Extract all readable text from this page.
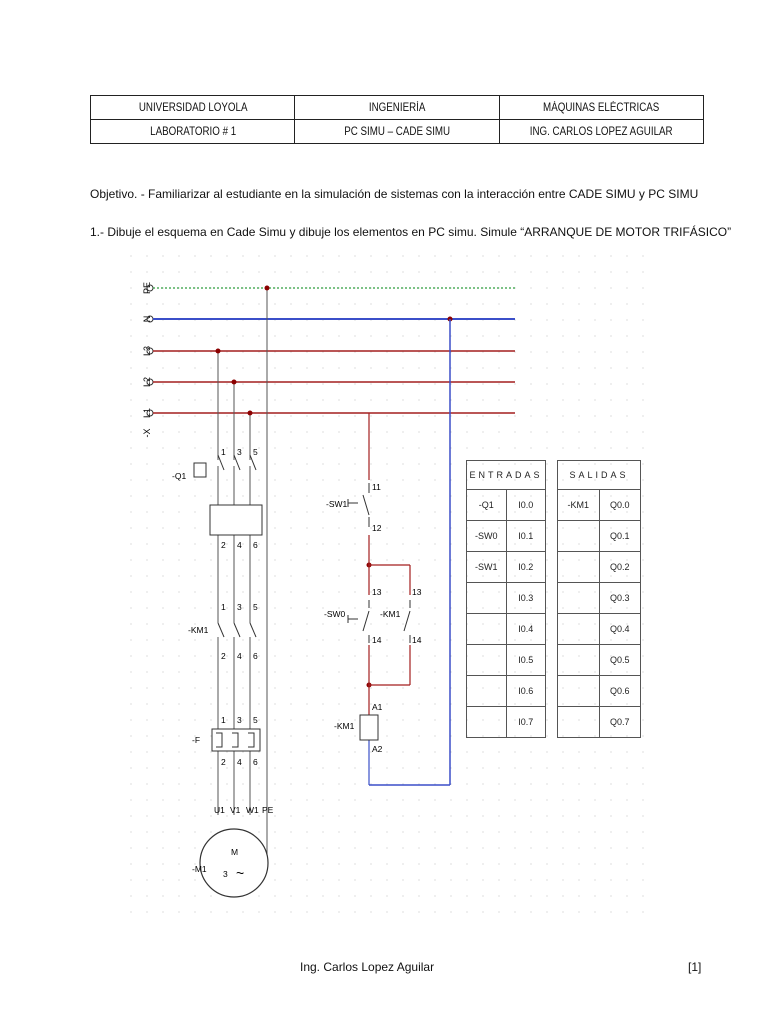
UNIVERSIDAD LOYOLA	INGENIERÍA	MÁQUINAS ELÉCTRICAS
LABORATORIO # 1	PC SIMU – CADE SIMU	ING. CARLOS LOPEZ AGUILAR
Objetivo. - Familiarizar al estudiante en la simulación de sistemas con la interacción entre CADE SIMU y PC SIMU
1.- Dibuje el esquema en Cade Simu y dibuje los elementos en PC simu. Simule “ARRANQUE DE MOTOR TRIFÁSICO”
PE
N
L3
L2
L1
-X
-Q1
1 3 5
2 4 6
-KM1
1 3 5
2 4 6
-F
1 3 5
2 4 6
U1 V1 W1 PE
M
3 ~
-M1
-SW1
11
12
-SW0
13
14
-KM1
13
14
-KM1
A1
A2
ENTRADAS	
-Q1	I0.0
-SW0	I0.1
-SW1	I0.2
	I0.3
	I0.4
	I0.5
	I0.6
	I0.7
SALIDAS	
-KM1	Q0.0
	Q0.1
	Q0.2
	Q0.3
	Q0.4
	Q0.5
	Q0.6
	Q0.7
Ing. Carlos Lopez Aguilar	[1]
